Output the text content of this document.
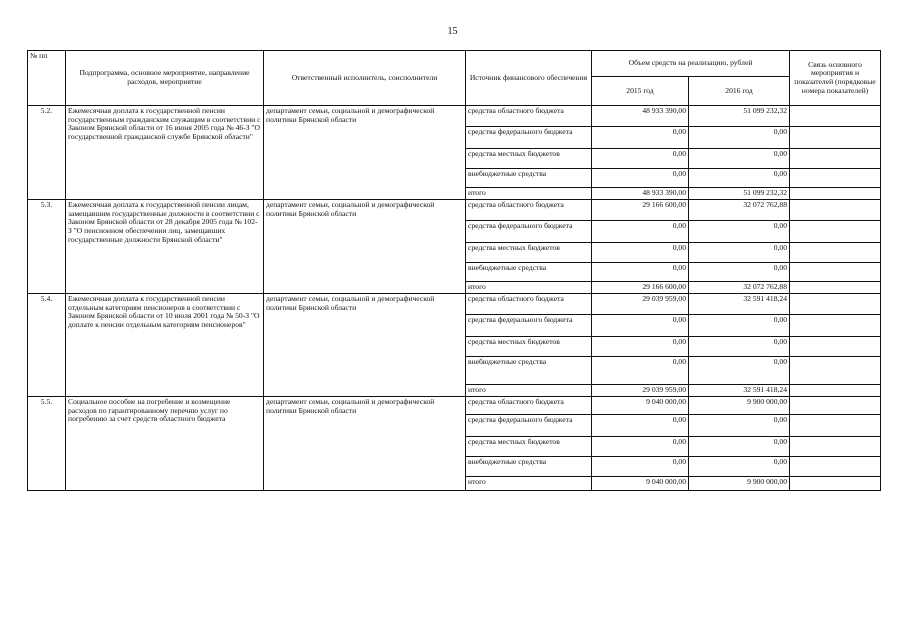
15
№ пп	Подпрограмма, основное мероприятие, направление расходов, мероприятие	Ответственный исполнитель, соисполнители	Источник финансового обеспечения	Объем средств на реализацию, рублей		Связь основного мероприятия и показателей (порядковые номера показателей)
				2015 год	2016 год	
5.2.	Ежемесячная доплата к государственной пенсии государственным гражданским служащим в соответствии с Законом Брянской области от 16 июня 2005 года № 46-З "О государственной гражданской службе Брянской области"	департамент семьи, социальной и демографической политики Брянской области	средства областного бюджета	48 933 390,00	51 099 232,32	
			средства федерального бюджета	0,00	0,00	
			средства местных бюджетов	0,00	0,00	
			внебюджетные средства	0,00	0,00	
			итого	48 933 390,00	51 099 232,32	
5.3.	Ежемесячная доплата к государственной пенсии лицам, замещавшим государственные должности в соответствии с Законом Брянской области от 28 декабря 2005 года № 102-З "О пенсионном обеспечении лиц, замещавших государственные должности Брянской области"	департамент семьи, социальной и демографической политики Брянской области	средства областного бюджета	29 166 600,00	32 072 762,88	
			средства федерального бюджета	0,00	0,00	
			средства местных бюджетов	0,00	0,00	
			внебюджетные средства	0,00	0,00	
			итого	29 166 600,00	32 072 762,88	
5.4.	Ежемесячная доплата к государственной пенсии отдельным категориям пенсионеров в соответствии с Законом Брянской области от 10 июля 2001 года № 50-З "О доплате к пенсии отдельным категориям пенсионеров"	департамент семьи, социальной и демографической политики Брянской области	средства областного бюджета	29 039 959,00	32 591 418,24	
			средства федерального бюджета	0,00	0,00	
			средства местных бюджетов	0,00	0,00	
			внебюджетные средства	0,00	0,00	
			итого	29 039 959,00	32 591 418,24	
5.5.	Социальное пособие на погребение и возмещение расходов по гарантированному перечню услуг по погребению за счет средств областного бюджета	департамент семьи, социальной и демографической политики Брянской области	средства областного бюджета	9 040 000,00	9 900 000,00	
			средства федерального бюджета	0,00	0,00	
			средства местных бюджетов	0,00	0,00	
			внебюджетные средства	0,00	0,00	
			итого	9 040 000,00	9 900 000,00	
